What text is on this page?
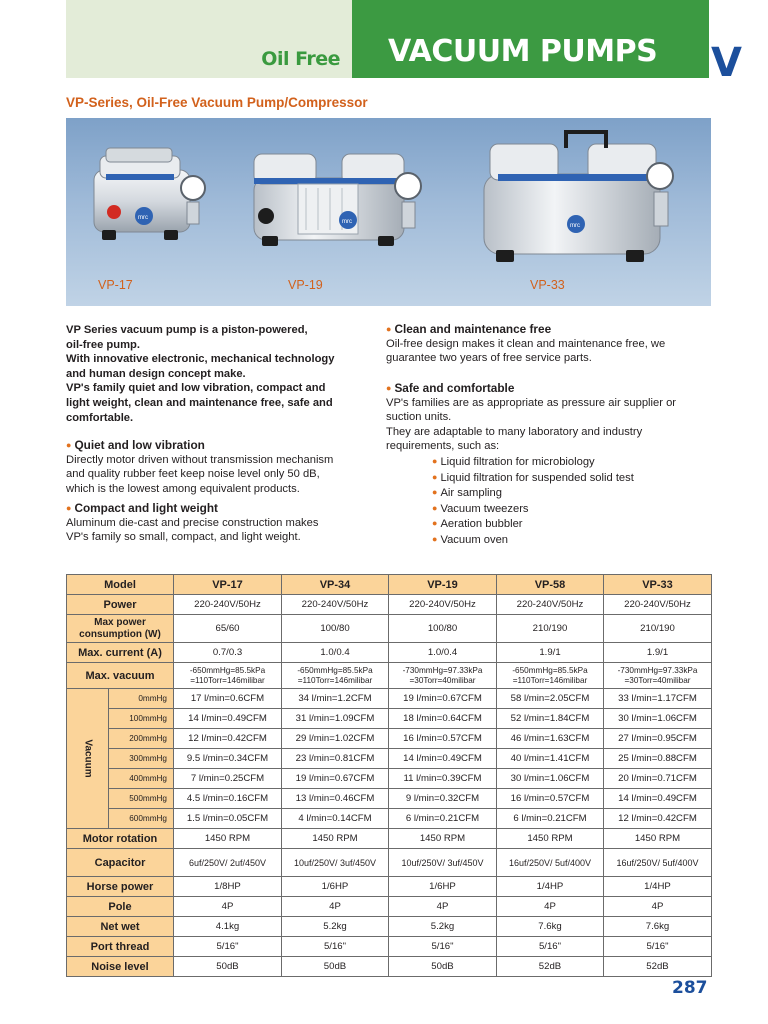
Oil Free VACUUM PUMPS V
VP-Series, Oil-Free Vacuum Pump/Compressor
mrc
mrc
mrc
VP-17	VP-19	VP-33
VP Series vacuum pump is a piston-powered,
oil-free pump.
With innovative electronic, mechanical technology
and human design concept make.
VP's family quiet and low vibration, compact and
light weight, clean and maintenance free, safe and
comfortable.
● Quiet and low vibration
Directly motor driven without transmission mechanism
and quality rubber feet keep noise level only 50 dB,
which is the lowest among equivalent products.
● Compact and light weight
Aluminum die-cast and precise construction makes
VP's family so small, compact, and light weight.
● Clean and maintenance free
Oil-free design makes it clean and maintenance free, we
guarantee two years of free service parts.
● Safe and comfortable
VP's families are as appropriate as pressure air supplier or
suction units.
They are adaptable to many laboratory and industry
requirements, such as:
● Liquid filtration for microbiology
● Liquid filtration for suspended solid test
● Air sampling
● Vacuum tweezers
● Aeration bubbler
● Vacuum oven
Model		VP-17	VP-34	VP-19	VP-58	VP-33
Power		220-240V/50Hz	220-240V/50Hz	220-240V/50Hz	220-240V/50Hz	220-240V/50Hz
Max power consumption (W)		65/60	100/80	100/80	210/190	210/190
Max. current (A)		0.7/0.3	1.0/0.4	1.0/0.4	1.9/1	1.9/1
Max. vacuum		-650mmHg=85.5kPa =110Torr=146milibar	-650mmHg=85.5kPa =110Torr=146milibar	-730mmHg=97.33kPa =30Torr=40milibar	-650mmHg=85.5kPa =110Torr=146milibar	-730mmHg=97.33kPa =30Torr=40milibar
Vacuum	0mmHg	17 l/min=0.6CFM	34 l/min=1.2CFM	19 l/min=0.67CFM	58 l/min=2.05CFM	33 l/min=1.17CFM
	100mmHg	14 l/min=0.49CFM	31 l/min=1.09CFM	18 l/min=0.64CFM	52 l/min=1.84CFM	30 l/min=1.06CFM
	200mmHg	12 l/min=0.42CFM	29 l/min=1.02CFM	16 l/min=0.57CFM	46 l/min=1.63CFM	27 l/min=0.95CFM
	300mmHg	9.5 l/min=0.34CFM	23 l/min=0.81CFM	14 l/min=0.49CFM	40 l/min=1.41CFM	25 l/min=0.88CFM
	400mmHg	7 l/min=0.25CFM	19 l/min=0.67CFM	11 l/min=0.39CFM	30 l/min=1.06CFM	20 l/min=0.71CFM
	500mmHg	4.5 l/min=0.16CFM	13 l/min=0.46CFM	9 l/min=0.32CFM	16 l/min=0.57CFM	14 l/min=0.49CFM
	600mmHg	1.5 l/min=0.05CFM	4 l/min=0.14CFM	6 l/min=0.21CFM	6 l/min=0.21CFM	12 l/min=0.42CFM
Motor rotation		1450 RPM	1450 RPM	1450 RPM	1450 RPM	1450 RPM
Capacitor		6uf/250V/ 2uf/450V	10uf/250V/ 3uf/450V	10uf/250V/ 3uf/450V	16uf/250V/ 5uf/400V	16uf/250V/ 5uf/400V
Horse power		1/8HP	1/6HP	1/6HP	1/4HP	1/4HP
Pole		4P	4P	4P	4P	4P
Net wet		4.1kg	5.2kg	5.2kg	7.6kg	7.6kg
Port thread		5/16"	5/16"	5/16"	5/16"	5/16"
Noise level		50dB	50dB	50dB	52dB	52dB
287
